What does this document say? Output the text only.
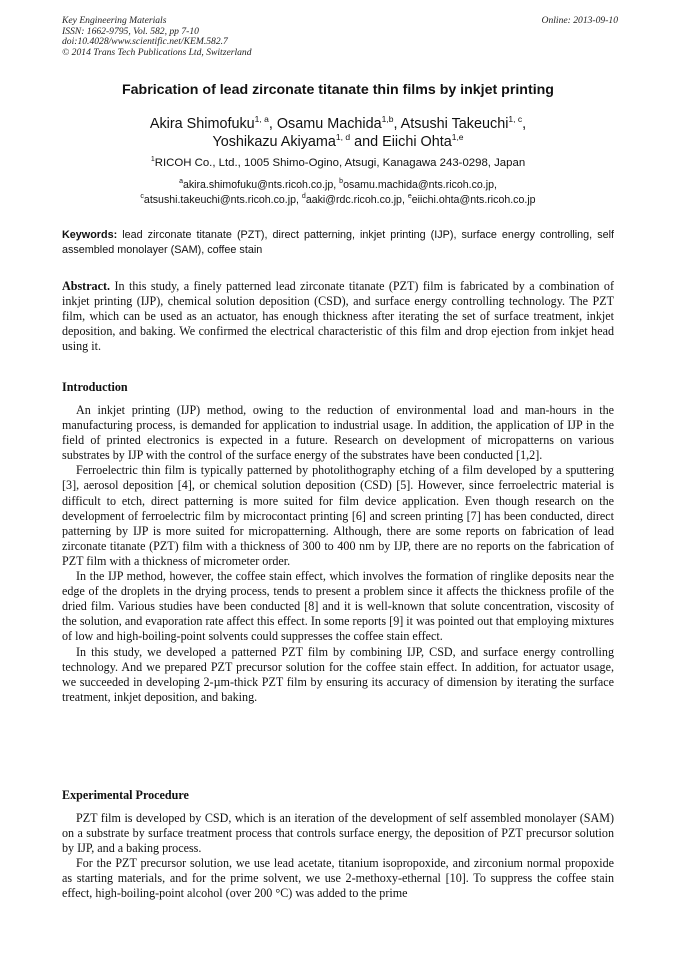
Key Engineering Materials
ISSN: 1662-9795, Vol. 582, pp 7-10
doi:10.4028/www.scientific.net/KEM.582.7
© 2014 Trans Tech Publications Ltd, Switzerland
Online: 2013-09-10
Fabrication of lead zirconate titanate thin films by inkjet printing
Akira Shimofuku$^{1, a}$, Osamu Machida$^{1,b}$, Atsushi Takeuchi$^{1, c}$,
Yoshikazu Akiyama$^{1, d}$ and Eiichi Ohta$^{1,e}$
$^1$RICOH Co., Ltd., 1005 Shimo-Ogino, Atsugi, Kanagawa 243-0298, Japan
$^a$akira.shimofuku@nts.ricoh.co.jp, $^b$osamu.machida@nts.ricoh.co.jp,
$^c$atsushi.takeuchi@nts.ricoh.co.jp, $^d$aaki@rdc.ricoh.co.jp, $^e$eiichi.ohta@nts.ricoh.co.jp
Keywords: lead zirconate titanate (PZT), direct patterning, inkjet printing (IJP), surface energy controlling, self assembled monolayer (SAM), coffee stain
Abstract. In this study, a finely patterned lead zirconate titanate (PZT) film is fabricated by a combination of inkjet printing (IJP), chemical solution deposition (CSD), and surface energy controlling technology. The PZT film, which can be used as an actuator, has enough thickness after iterating the set of surface treatment, inkjet deposition, and baking. We confirmed the electrical characteristic of this film and drop ejection from inkjet head using it.
Introduction

An inkjet printing (IJP) method, owing to the reduction of environmental load and man-hours in the manufacturing process, is demanded for application to industrial usage. In addition, the application of IJP in the field of printed electronics is expected in a future. Research on development of micropatterns on various substrates by IJP with the control of the surface energy of the substrates have been conducted [1,2].

Ferroelectric thin film is typically patterned by photolithography etching of a film developed by a sputtering [3], aerosol deposition [4], or chemical solution deposition (CSD) [5]. However, since ferroelectric material is difficult to etch, direct patterning is more suited for film device application. Even though research on the development of ferroelectric film by microcontact printing [6] and screen printing [7] has been conducted, direct patterning by IJP is more suited for micropatterning. Although, there are some reports on fabrication of lead zirconate titanate (PZT) film with a thickness of 300 to 400 nm by IJP, there are no reports on the fabrication of PZT film with a thickness of micrometer order.

In the IJP method, however, the coffee stain effect, which involves the formation of ringlike deposits near the edge of the droplets in the drying process, tends to present a problem since it affects the thickness profile of the dried film. Various studies have been conducted [8] and it is well-known that solute concentration, viscosity of the solution, and evaporation rate affect this effect. In some reports [9] it was pointed out that employing mixtures of low and high-boiling-point solvents could suppresses the coffee stain effect.

In this study, we developed a patterned PZT film by combining IJP, CSD, and surface energy controlling technology. And we prepared PZT precursor solution for the coffee stain effect. In addition, for actuator usage, we succeeded in developing 2-µm-thick PZT film by ensuring its accuracy of dimension by iterating the surface treatment, inkjet deposition, and baking.

Experimental Procedure

PZT film is developed by CSD, which is an iteration of the development of self assembled monolayer (SAM) on a substrate by surface treatment process that controls surface energy, the deposition of PZT precursor solution by IJP, and a baking process.

For the PZT precursor solution, we use lead acetate, titanium isopropoxide, and zirconium normal propoxide as starting materials, and for the prime solvent, we use 2-methoxy-ethernal [10]. To suppress the coffee stain effect, high-boiling-point alcohol (over 200 °C) was added to the prime
